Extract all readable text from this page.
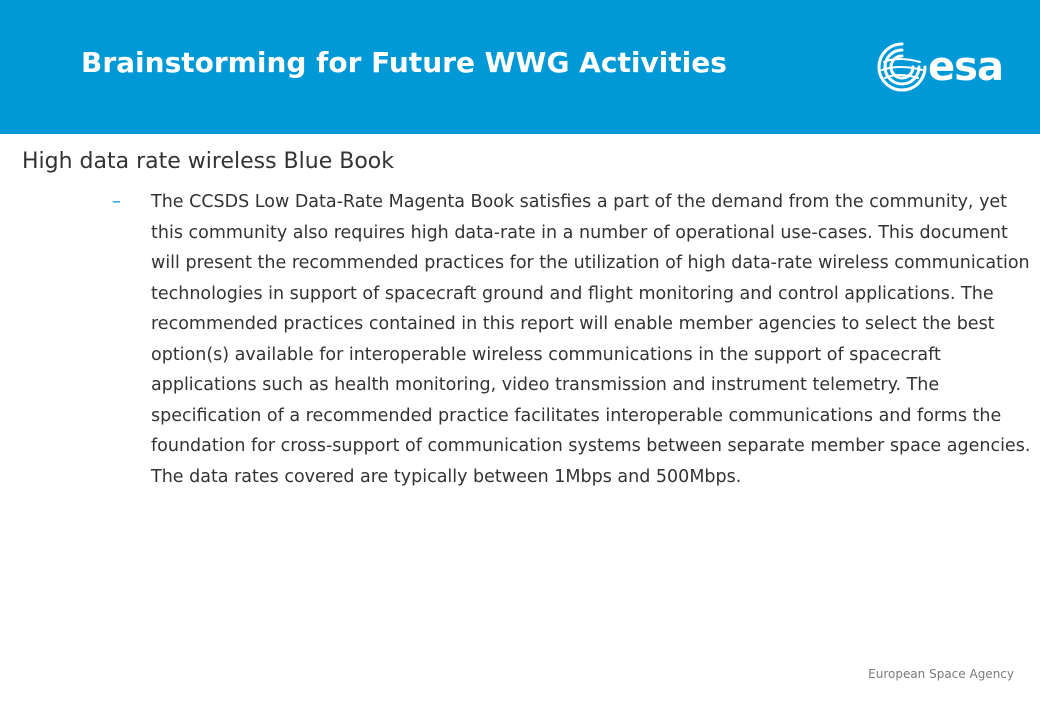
Brainstorming for Future WWG Activities	esa
High data rate wireless Blue Book
–	The CCSDS Low Data-Rate Magenta Book satisfies a part of the demand from the community, yet this community also requires high data-rate in a number of operational use-cases. This document will present the recommended practices for the utilization of high data-rate wireless communication technologies in support of spacecraft ground and flight monitoring and control applications. The recommended practices contained in this report will enable member agencies to select the best option(s) available for interoperable wireless communications in the support of spacecraft applications such as health monitoring, video transmission and instrument telemetry. The specification of a recommended practice facilitates interoperable communications and forms the foundation for cross-support of communication systems between separate member space agencies. The data rates covered are typically between 1Mbps and 500Mbps.

European Space Agency
